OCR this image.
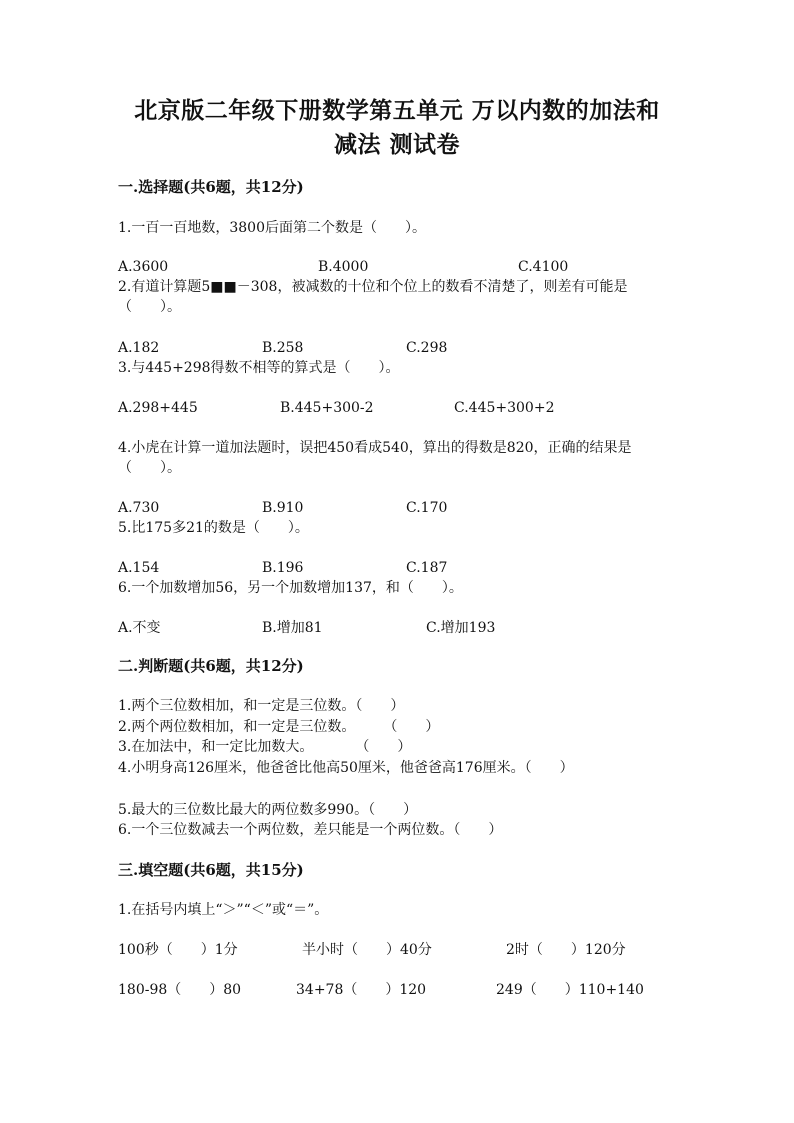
北京版二年级下册数学第五单元 万以内数的加法和
减法 测试卷
一.选择题(共6题，共12分)
1.一百一百地数，3800后面第二个数是（　　）。
A.3600	B.4000	C.4100
2.有道计算题5■■－308，被减数的十位和个位上的数看不清楚了，则差有可能是（　　）。
A.182	B.258	C.298
3.与445+298得数不相等的算式是（　　）。
A.298+445	B.445+300-2	C.445+300+2
4.小虎在计算一道加法题时，误把450看成540，算出的得数是820，正确的结果是（　　）。
A.730	B.910	C.170
5.比175多21的数是（　　）。
A.154	B.196	C.187
6.一个加数增加56，另一个加数增加137，和（　　）。
A.不变	B.增加81	C.增加193
二.判断题(共6题，共12分)
1.两个三位数相加，和一定是三位数。（　　）
2.两个两位数相加，和一定是三位数。　　　（　　）
3.在加法中，和一定比加数大。　　　　（　　）
4.小明身高126厘米，他爸爸比他高50厘米，他爸爸高176厘米。（　　）
5.最大的三位数比最大的两位数多990。（　　）
6.一个三位数减去一个两位数，差只能是一个两位数。（　　）
三.填空题(共6题，共15分)
1.在括号内填上“＞”“＜”或“＝”。
100秒（　　）1分	半小时（　　）40分	2时（　　）120分
180-98（　　）80	34+78（　　）120	249（　　）110+140
